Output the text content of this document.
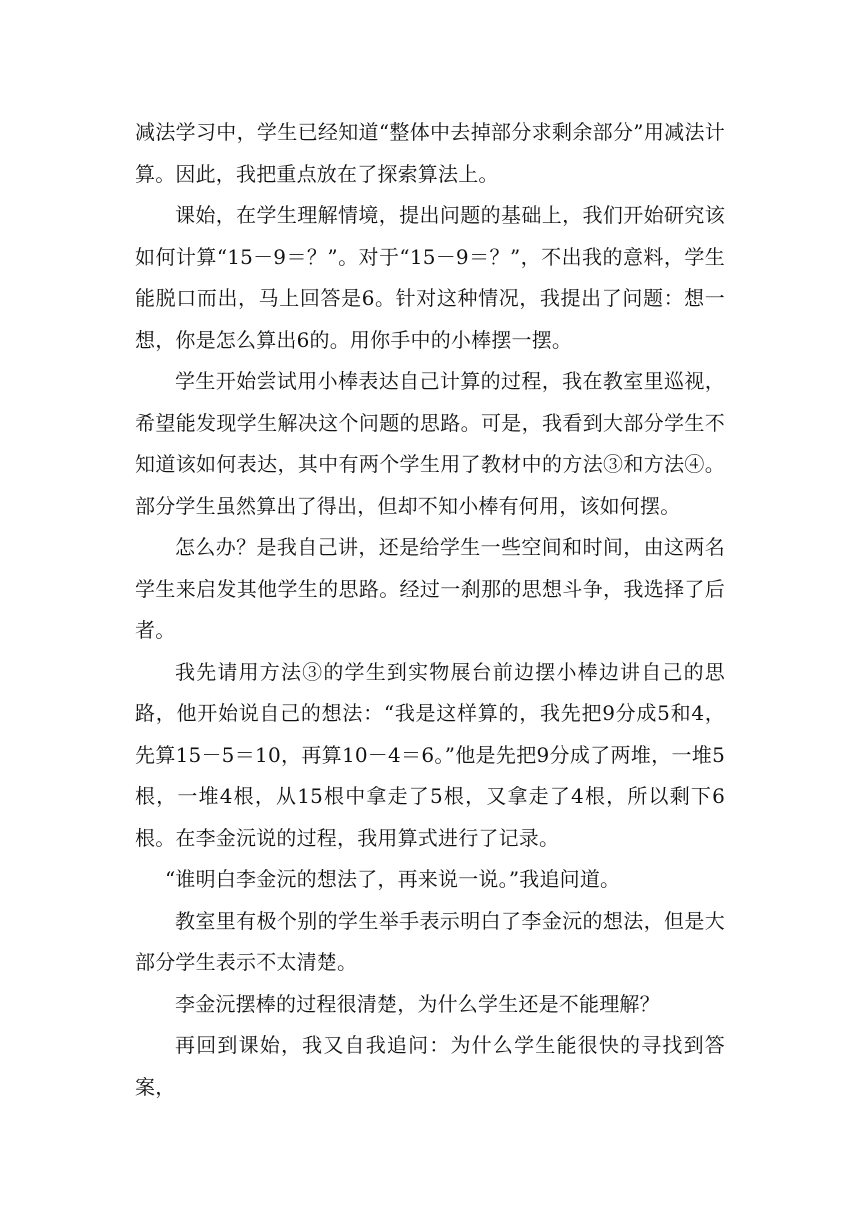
减法学习中，学生已经知道“整体中去掉部分求剩余部分”用减法计算。因此，我把重点放在了探索算法上。

课始，在学生理解情境，提出问题的基础上，我们开始研究该如何计算“15－9＝？”。对于“15－9＝？”，不出我的意料，学生能脱口而出，马上回答是6。针对这种情况，我提出了问题：想一想，你是怎么算出6的。用你手中的小棒摆一摆。

学生开始尝试用小棒表达自己计算的过程，我在教室里巡视，希望能发现学生解决这个问题的思路。可是，我看到大部分学生不知道该如何表达，其中有两个学生用了教材中的方法③和方法④。部分学生虽然算出了得出，但却不知小棒有何用，该如何摆。

怎么办？是我自己讲，还是给学生一些空间和时间，由这两名学生来启发其他学生的思路。经过一刹那的思想斗争，我选择了后者。

我先请用方法③的学生到实物展台前边摆小棒边讲自己的思路，他开始说自己的想法：“我是这样算的，我先把9分成5和4，先算15－5＝10，再算10－4＝6。”他是先把9分成了两堆，一堆5根，一堆4根，从15根中拿走了5根，又拿走了4根，所以剩下6根。在李金沅说的过程，我用算式进行了记录。

“谁明白李金沅的想法了，再来说一说。”我追问道。

教室里有极个别的学生举手表示明白了李金沅的想法，但是大部分学生表示不太清楚。

李金沅摆棒的过程很清楚，为什么学生还是不能理解？

再回到课始，我又自我追问：为什么学生能很快的寻找到答案，
